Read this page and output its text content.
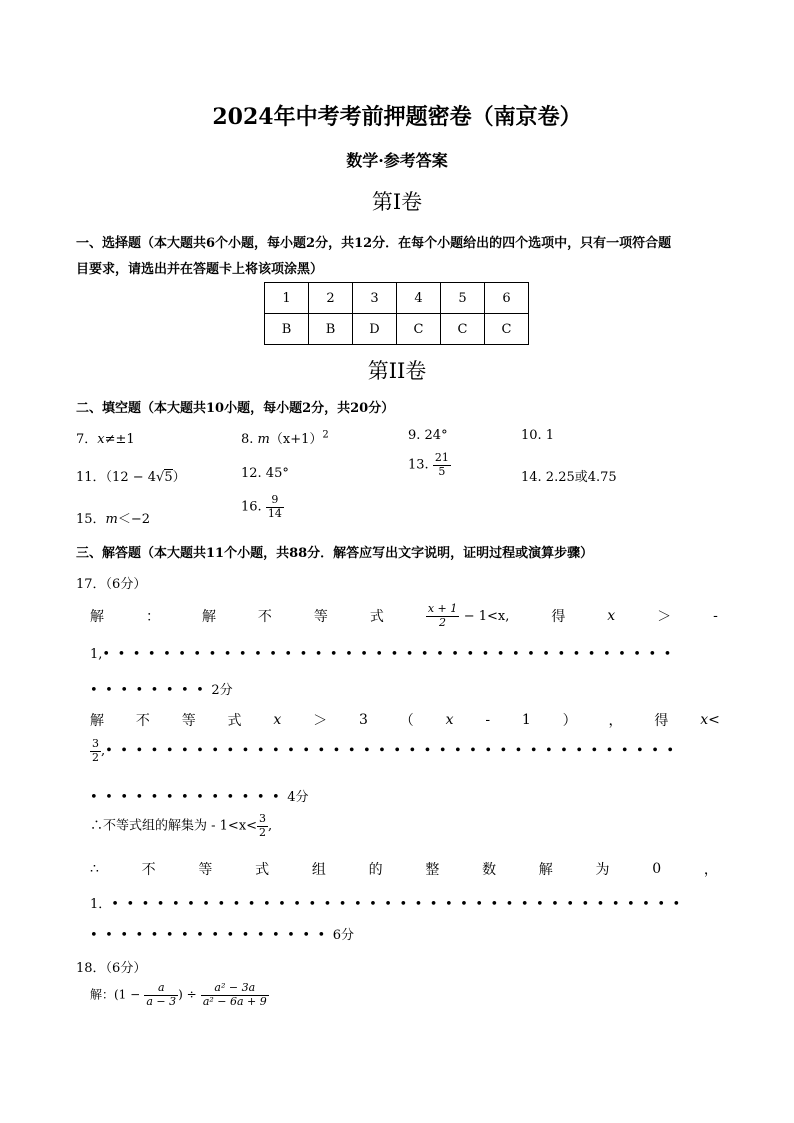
2024年中考考前押题密卷（南京卷）
数学·参考答案
第Ⅰ卷
一、选择题（本大题共6个小题，每小题2分，共12分．在每个小题给出的四个选项中，只有一项符合题
目要求，请选出并在答题卡上将该项涂黑）
1	2	3	4	5	6
B	B	D	C	C	C
第II卷
二、填空题（本大题共10小题，每小题2分，共20分）
7．x≠±1	8. $m(x+1)^2$	9. 24°	10. 1
11．（12 − 4√5）	12. 45°
13. $\frac{21}{5}$	14. 2.25或4.75
15．m＜−2
16. $\frac{9}{14}$
三、解答题（本大题共11个小题，共88分．解答应写出文字说明，证明过程或演算步骤）
17．（6分）
解	：	解	不	等	式	$\frac{x + 1}{2} - 1<x$,	得	x	＞	-
1,••••••••••••••••••••••••••••••••••••••
••••••••2分
解 不 等 式 x ＞ 3 （ x - 1 ） ， 得 x<
$\frac{3}{2}$ ,••••••••••••••••••••••••••••••••••••••
•••••••••••••4分
∴不等式组的解集为 - $1<x< \frac{3}{2}$ ,
∴	不	等	式	组	的	整	数	解	为	0	，
1．••••••••••••••••••••••••••••••••••••••
••••••••••••••••6分
18．（6分）
解：($1 - \frac{a}{a - 3}$ ) ÷ $\frac{\text{a² − 3a}}{\text{a² − 6a + 9}}$
